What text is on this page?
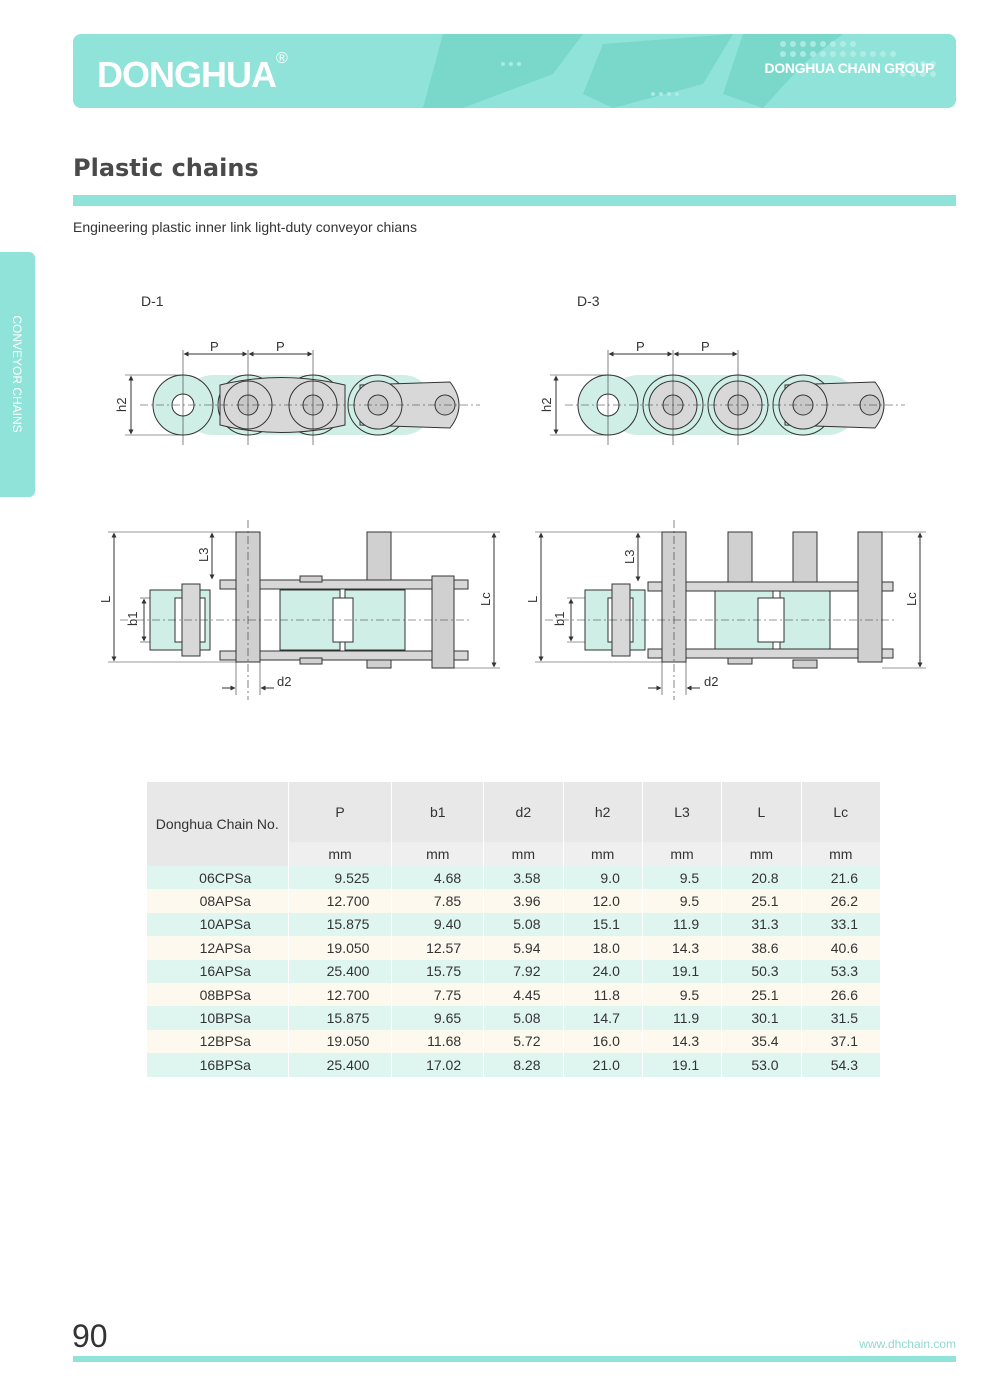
DONGHUA®
DONGHUA CHAIN GROUP
Plastic chains
Engineering plastic inner link light-duty conveyor chians
CONVEYOR CHAINS
D-1	D-3
P	P
h2
P	P
h2
L
L3
b1
Lc
d2
L
L3
b1
Lc
d2
Donghua Chain No.	P	b1	d2	h2	L3	L	Lc
	mm	mm	mm	mm	mm	mm	mm
06CPSa	9.525	4.68	3.58	9.0	9.5	20.8	21.6
08APSa	12.700	7.85	3.96	12.0	9.5	25.1	26.2
10APSa	15.875	9.40	5.08	15.1	11.9	31.3	33.1
12APSa	19.050	12.57	5.94	18.0	14.3	38.6	40.6
16APSa	25.400	15.75	7.92	24.0	19.1	50.3	53.3
08BPSa	12.700	7.75	4.45	11.8	9.5	25.1	26.6
10BPSa	15.875	9.65	5.08	14.7	11.9	30.1	31.5
12BPSa	19.050	11.68	5.72	16.0	14.3	35.4	37.1
16BPSa	25.400	17.02	8.28	21.0	19.1	53.0	54.3
90	www.dhchain.com
